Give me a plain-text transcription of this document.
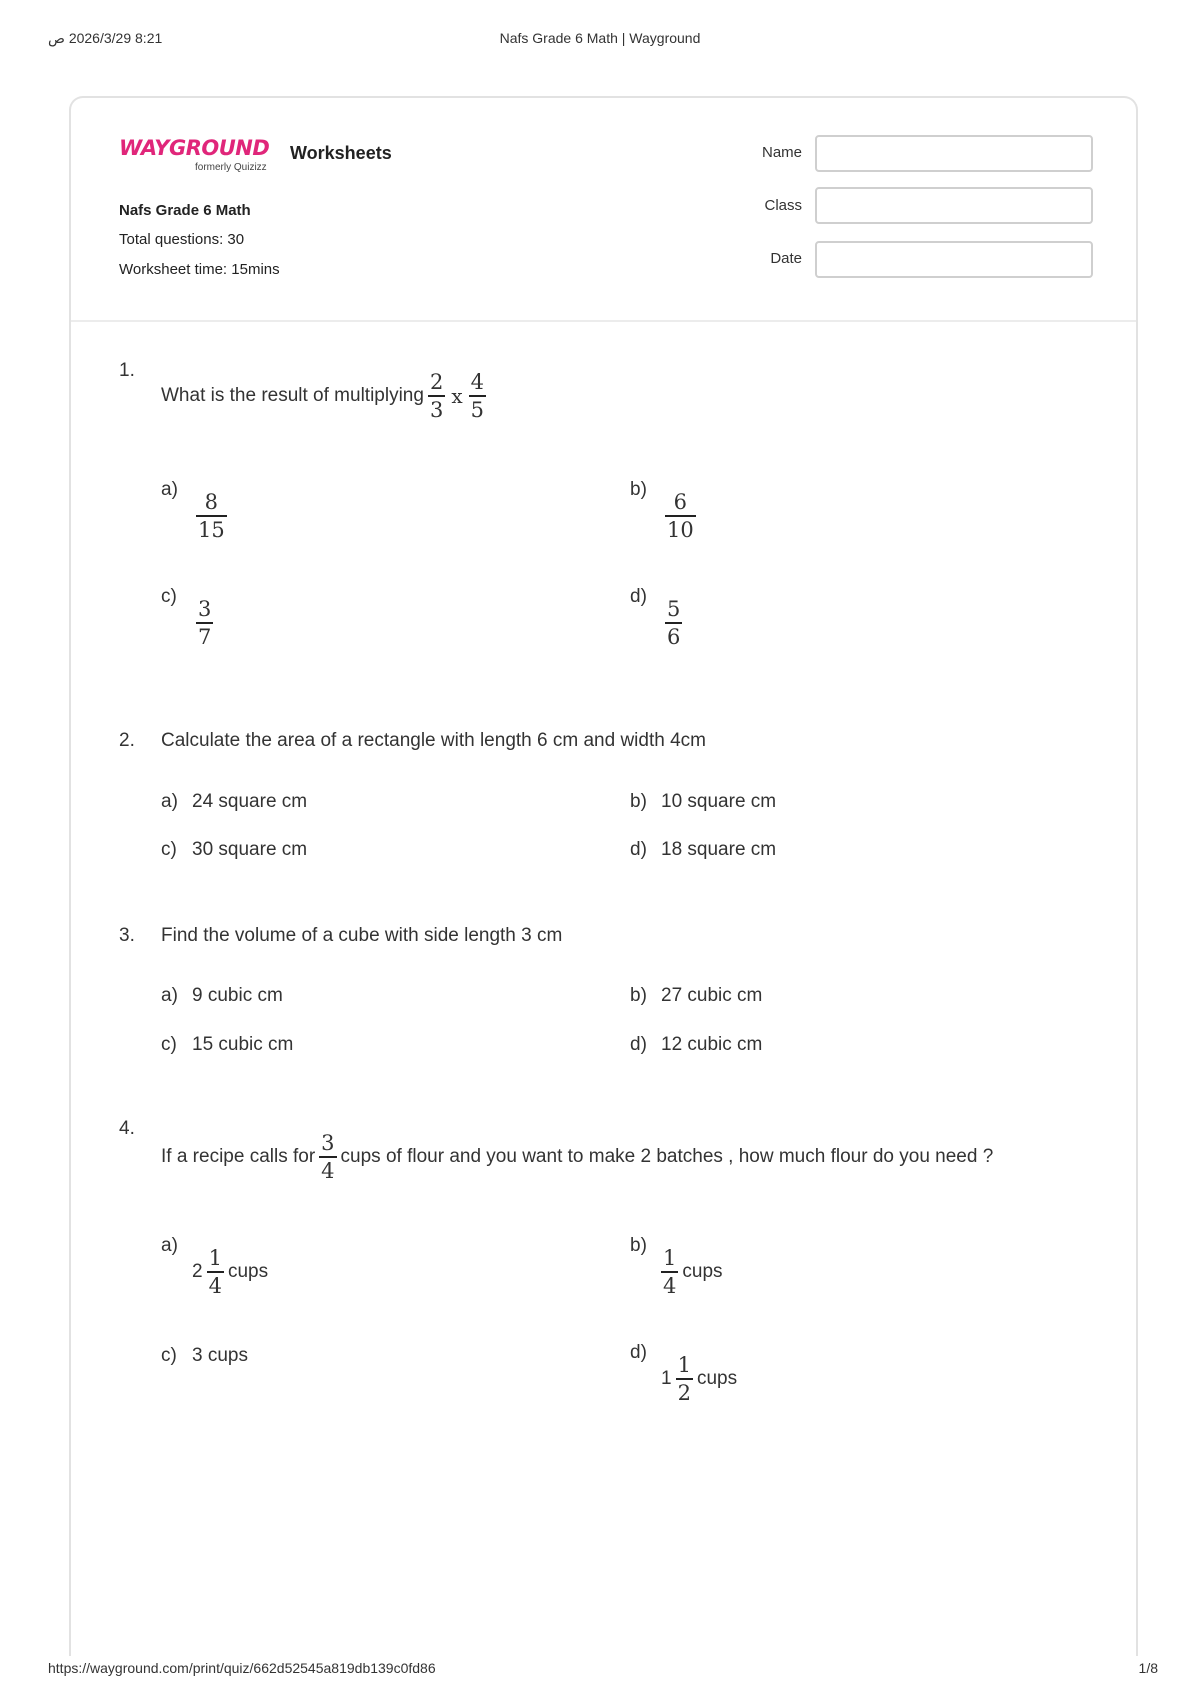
8:21 2026/3/29 ص	Nafs Grade 6 Math | Wayground
WAYGROUND
formerly Quizizz
Worksheets
Nafs Grade 6 Math
Total questions: 30
Worksheet time: 15mins
Name
Class
Date
1.
What is the result of multiplying $\frac{2}{3}$ x $\frac{4}{5}$
a)
8
15
b)
6
10
c)
3
7
d)
5
6
2. Calculate the area of a rectangle with length 6 cm and width 4cm
a) 24 square cm	b) 10 square cm
c) 30 square cm	d) 18 square cm
3. Find the volume of a cube with side length 3 cm
a) 9 cubic cm	b) 27 cubic cm
c) 15 cubic cm	d) 12 cubic cm
4.
If a recipe calls for $\frac{3}{4}$ cups of flour and you want to make 2 batches , how much flour do you need ?
a)
$2 \frac{1}{4}$ cups
$b) \frac{1}{4}$ cups
c) 3 cups	d)
$1 \frac{1}{2}$ cups
https://wayground.com/print/quiz/662d52545a819db139c0fd86	1/8
